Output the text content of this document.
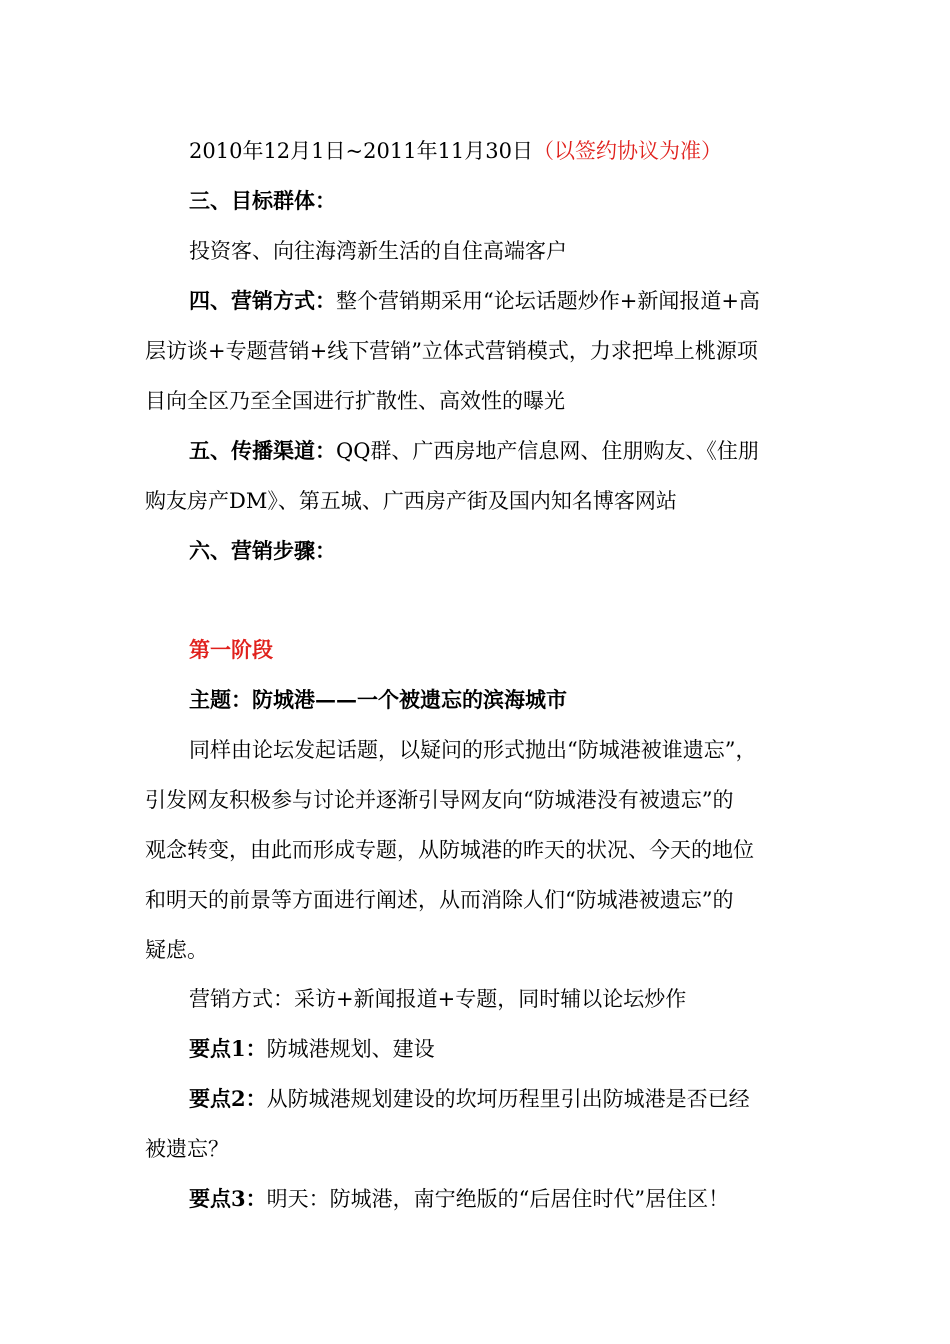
2010年12月1日~2011年11月30日（以签约协议为准）
三、目标群体：
投资客、向往海湾新生活的自住高端客户
四、营销方式：整个营销期采用“论坛话题炒作+新闻报道+高
层访谈+专题营销+线下营销”立体式营销模式，力求把埠上桃源项
目向全区乃至全国进行扩散性、高效性的曝光
五、传播渠道：QQ群、广西房地产信息网、住朋购友、《住朋
购友房产DM》、第五城、广西房产街及国内知名博客网站
六、营销步骤：
第一阶段
主题：防城港——一个被遗忘的滨海城市
同样由论坛发起话题，以疑问的形式抛出“防城港被谁遗忘”，
引发网友积极参与讨论并逐渐引导网友向“防城港没有被遗忘”的
观念转变，由此而形成专题，从防城港的昨天的状况、今天的地位
和明天的前景等方面进行阐述，从而消除人们“防城港被遗忘”的
疑虑。
营销方式：采访+新闻报道+专题，同时辅以论坛炒作
要点1：防城港规划、建设
要点2：从防城港规划建设的坎坷历程里引出防城港是否已经
被遗忘？
要点3：明天：防城港，南宁绝版的“后居住时代”居住区！
